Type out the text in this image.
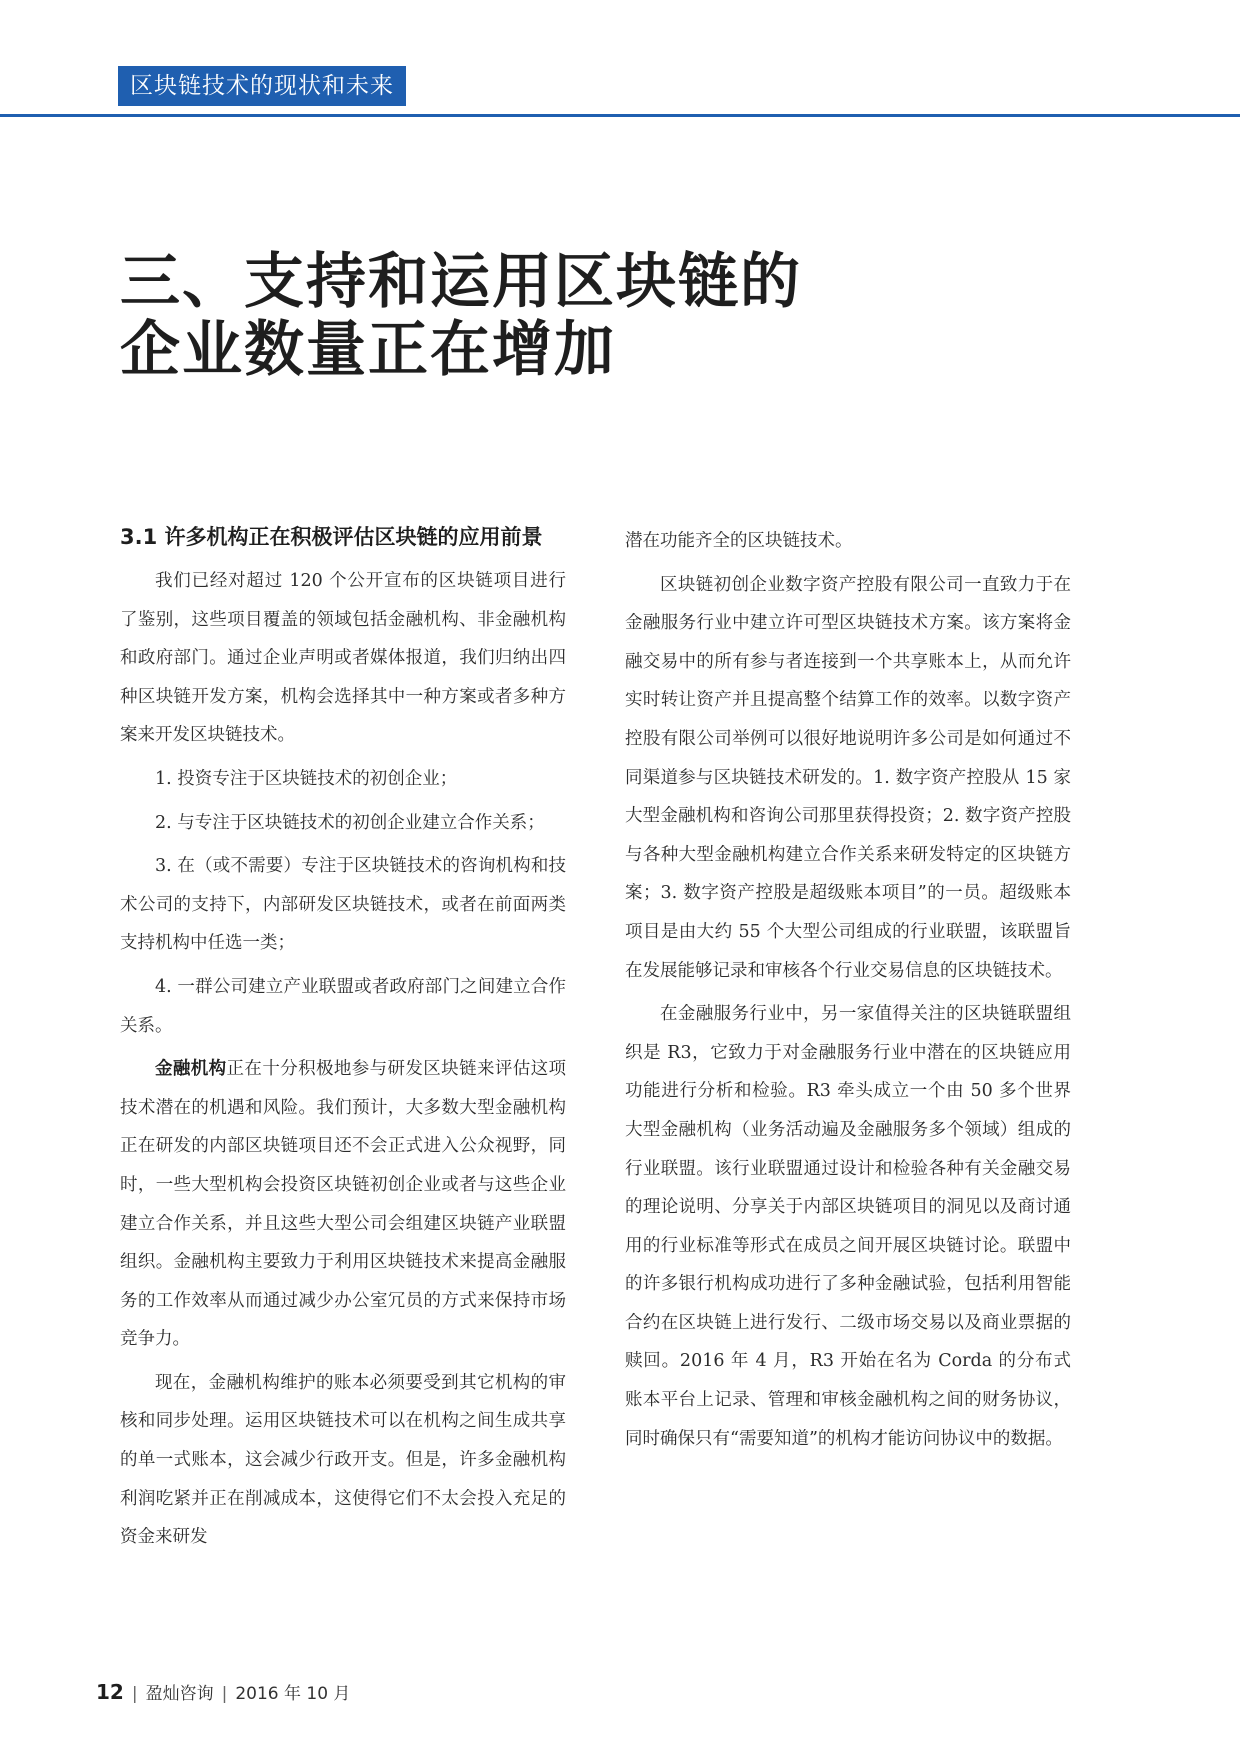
区块链技术的现状和未来
三、支持和运用区块链的
企业数量正在增加
3.1 许多机构正在积极评估区块链的应用前景

我们已经对超过 120 个公开宣布的区块链项目进行了鉴别，这些项目覆盖的领域包括金融机构、非金融机构和政府部门。通过企业声明或者媒体报道，我们归纳出四种区块链开发方案，机构会选择其中一种方案或者多种方案来开发区块链技术。

1. 投资专注于区块链技术的初创企业；

2. 与专注于区块链技术的初创企业建立合作关系；

3. 在（或不需要）专注于区块链技术的咨询机构和技术公司的支持下，内部研发区块链技术，或者在前面两类支持机构中任选一类；

4. 一群公司建立产业联盟或者政府部门之间建立合作关系。

金融机构正在十分积极地参与研发区块链来评估这项技术潜在的机遇和风险。我们预计，大多数大型金融机构正在研发的内部区块链项目还不会正式进入公众视野，同时，一些大型机构会投资区块链初创企业或者与这些企业建立合作关系，并且这些大型公司会组建区块链产业联盟组织。金融机构主要致力于利用区块链技术来提高金融服务的工作效率从而通过减少办公室冗员的方式来保持市场竞争力。

现在，金融机构维护的账本必须要受到其它机构的审核和同步处理。运用区块链技术可以在机构之间生成共享的单一式账本，这会减少行政开支。但是，许多金融机构利润吃紧并正在削减成本，这使得它们不太会投入充足的资金来研发

潜在功能齐全的区块链技术。

区块链初创企业数字资产控股有限公司一直致力于在金融服务行业中建立许可型区块链技术方案。该方案将金融交易中的所有参与者连接到一个共享账本上，从而允许实时转让资产并且提高整个结算工作的效率。以数字资产控股有限公司举例可以很好地说明许多公司是如何通过不同渠道参与区块链技术研发的。1. 数字资产控股从 15 家大型金融机构和咨询公司那里获得投资；2. 数字资产控股与各种大型金融机构建立合作关系来研发特定的区块链方案；3. 数字资产控股是超级账本项目”的一员。超级账本项目是由大约 55 个大型公司组成的行业联盟，该联盟旨在发展能够记录和审核各个行业交易信息的区块链技术。

在金融服务行业中，另一家值得关注的区块链联盟组织是 R3，它致力于对金融服务行业中潜在的区块链应用功能进行分析和检验。R3 牵头成立一个由 50 多个世界大型金融机构（业务活动遍及金融服务多个领域）组成的行业联盟。该行业联盟通过设计和检验各种有关金融交易的理论说明、分享关于内部区块链项目的洞见以及商讨通用的行业标准等形式在成员之间开展区块链讨论。联盟中的许多银行机构成功进行了多种金融试验，包括利用智能合约在区块链上进行发行、二级市场交易以及商业票据的赎回。2016 年 4 月，R3 开始在名为 Corda 的分布式账本平台上记录、管理和审核金融机构之间的财务协议，同时确保只有“需要知道”的机构才能访问协议中的数据。

12 | 盈灿咨询 | 2016 年 10 月
